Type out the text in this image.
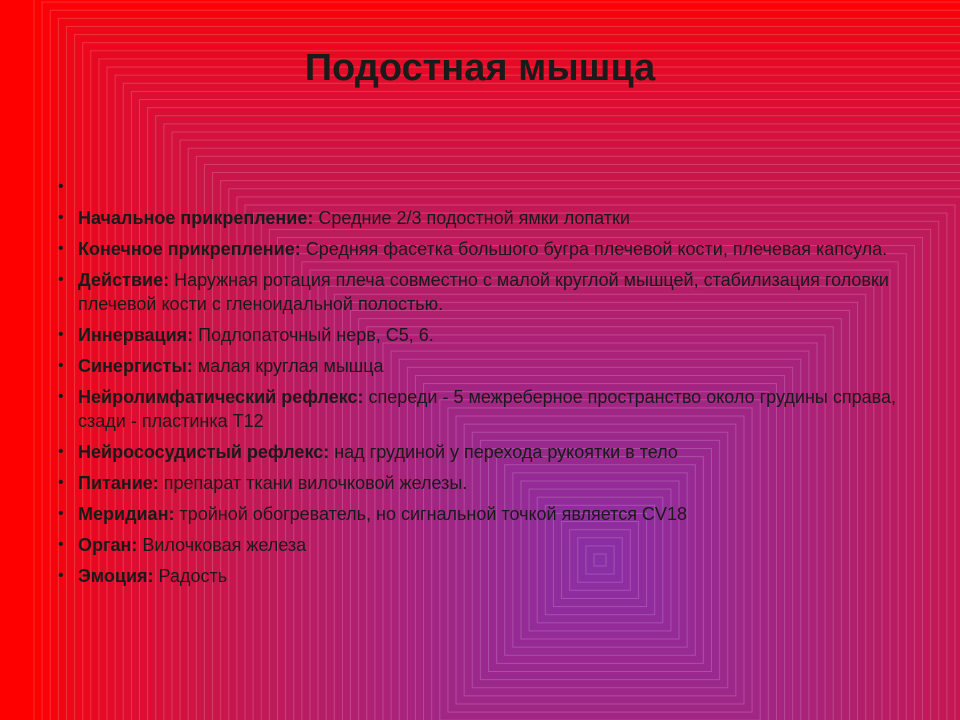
Подостная мышца
•
• Начальное прикрепление: Средние 2/3 подостной ямки лопатки
• Конечное прикрепление: Средняя фасетка большого бугра плечевой кости, плечевая капсула.
• Действие: Наружная ротация плеча совместно с малой круглой мышцей, стабилизация головки плечевой кости с гленоидальной полостью.
• Иннервация: Подлопаточный нерв, С5, 6.
• Синергисты: малая круглая мышца
• Нейролимфатический рефлекс: спереди - 5 межреберное пространство около грудины справа, сзади - пластинка Т12
• Нейрососудистый рефлекс: над грудиной у перехода рукоятки в тело
• Питание: препарат ткани вилочковой железы.
• Меридиан: тройной обогреватель, но сигнальной точкой является CV18
• Орган: Вилочковая железа
• Эмоция: Радость
